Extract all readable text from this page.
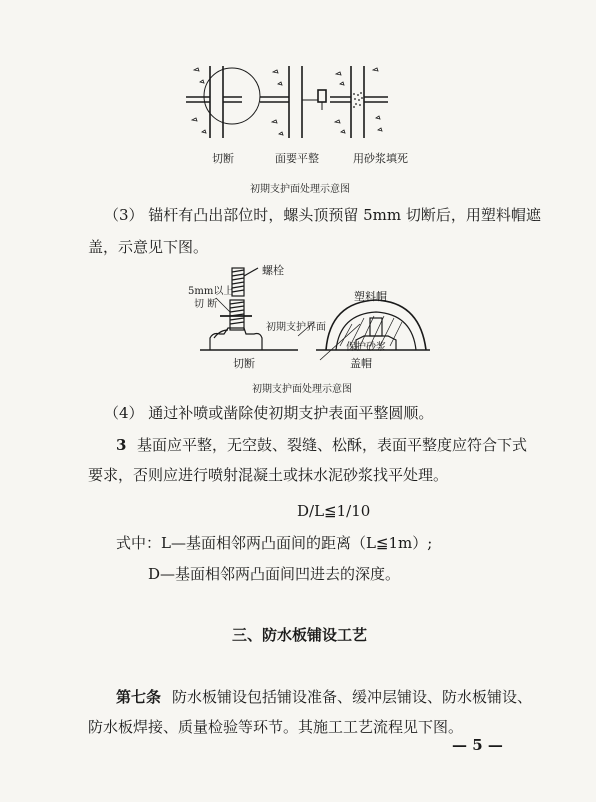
切断	面要平整	用砂浆填死
初期支护面处理示意图
（3） 锚杆有凸出部位时，螺头顶预留 5mm 切断后，用塑料帽遮
盖，示意见下图。
螺栓
5mm以上
切 断
初期支护界面
塑料帽
保护砂浆
切断	盖帽
初期支护面处理示意图
（4） 通过补喷或凿除使初期支护表面平整圆顺。
3 基面应平整，无空鼓、裂缝、松酥，表面平整度应符合下式
要求，否则应进行喷射混凝土或抹水泥砂浆找平处理。
D/L≦1/10
式中：L—基面相邻两凸面间的距离（L≦1m）;
D—基面相邻两凸面间凹进去的深度。
三、防水板铺设工艺
第七条 防水板铺设包括铺设准备、缓冲层铺设、防水板铺设、
防水板焊接、质量检验等环节。其施工工艺流程见下图。
— 5 —
